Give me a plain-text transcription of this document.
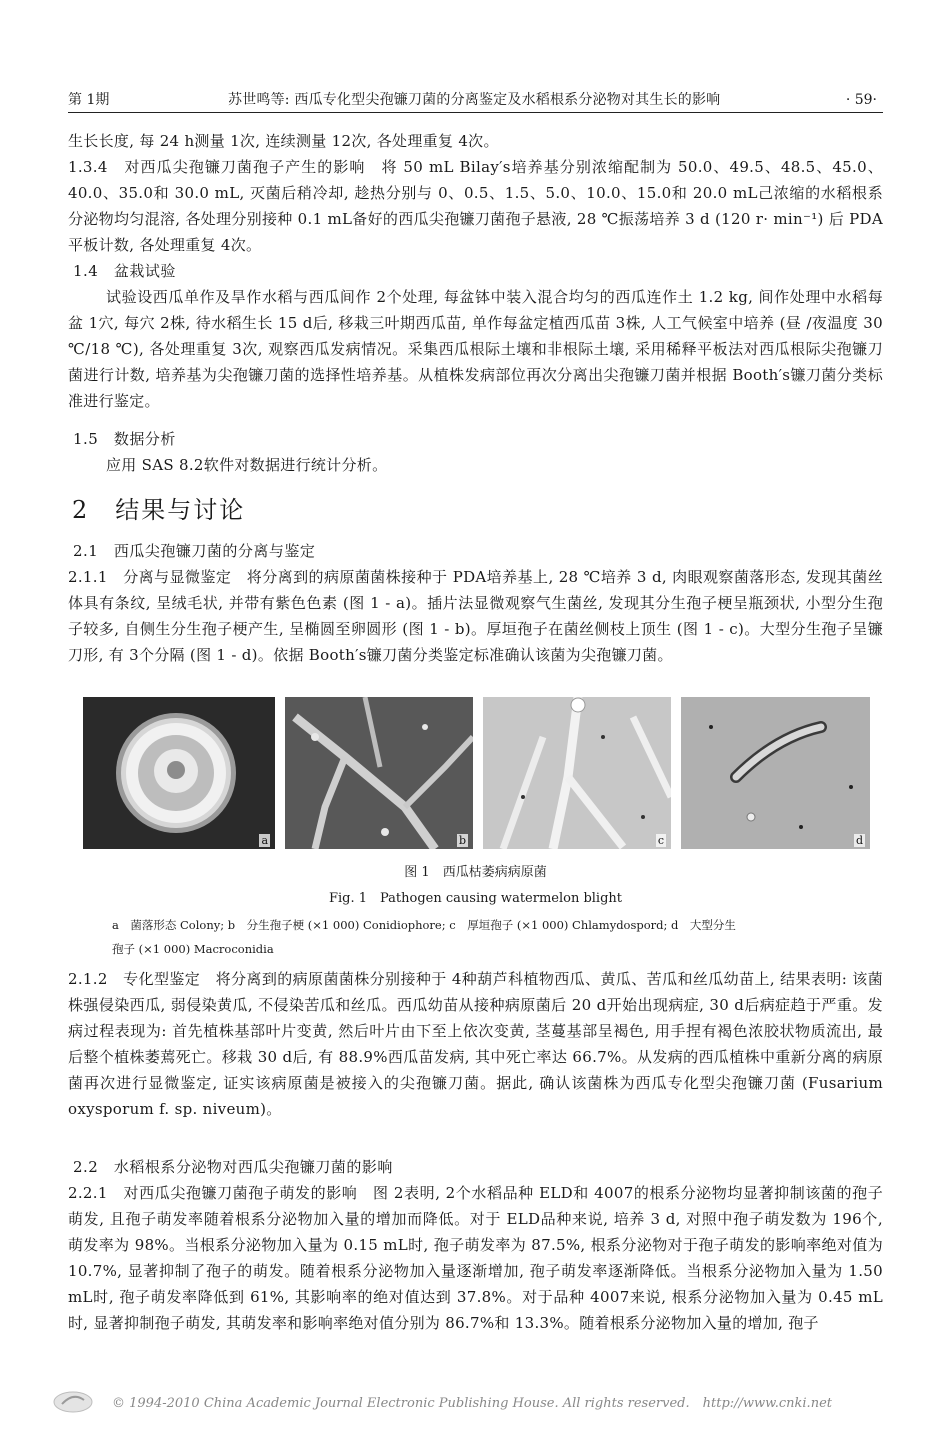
第 1期	苏世鸣等: 西瓜专化型尖孢镰刀菌的分离鉴定及水稻根系分泌物对其生长的影响	· 59·
生长长度, 每 24 h测量 1次, 连续测量 12次, 各处理重复 4次。
1.3.4　对西瓜尖孢镰刀菌孢子产生的影响　将 50 mL Bilay′s培养基分别浓缩配制为 50.0、49.5、48.5、45.0、40.0、35.0和 30.0 mL, 灭菌后稍冷却, 趁热分别与 0、0.5、1.5、5.0、10.0、15.0和 20.0 mL己浓缩的水稻根系分泌物均匀混溶, 各处理分别接种 0.1 mL备好的西瓜尖孢镰刀菌孢子悬液, 28 ℃振荡培养 3 d (120 r· min⁻¹) 后 PDA平板计数, 各处理重复 4次。
1.4　盆栽试验
试验设西瓜单作及旱作水稻与西瓜间作 2个处理, 每盆钵中装入混合均匀的西瓜连作土 1.2 kg, 间作处理中水稻每盆 1穴, 每穴 2株, 待水稻生长 15 d后, 移栽三叶期西瓜苗, 单作每盆定植西瓜苗 3株, 人工气候室中培养 (昼 /夜温度 30 ℃/18 ℃), 各处理重复 3次, 观察西瓜发病情况。采集西瓜根际土壤和非根际土壤, 采用稀释平板法对西瓜根际尖孢镰刀菌进行计数, 培养基为尖孢镰刀菌的选择性培养基。从植株发病部位再次分离出尖孢镰刀菌并根据 Booth′s镰刀菌分类标准进行鉴定。
1.5　数据分析
应用 SAS 8.2软件对数据进行统计分析。
2　结果与讨论
2.1　西瓜尖孢镰刀菌的分离与鉴定
2.1.1　分离与显微鉴定　将分离到的病原菌菌株接种于 PDA培养基上, 28 ℃培养 3 d, 肉眼观察菌落形态, 发现其菌丝体具有条纹, 呈绒毛状, 并带有紫色色素 (图 1 - a)。插片法显微观察气生菌丝, 发现其分生孢子梗呈瓶颈状, 小型分生孢子较多, 自侧生分生孢子梗产生, 呈椭圆至卵圆形 (图 1 - b)。厚垣孢子在菌丝侧枝上顶生 (图 1 - c)。大型分生孢子呈镰刀形, 有 3个分隔 (图 1 - d)。依据 Booth′s镰刀菌分类鉴定标准确认该菌为尖孢镰刀菌。
a	b	c	d
图 1　西瓜枯萎病病原菌
Fig. 1　Pathogen causing watermelon blight
a　菌落形态 Colony; b　分生孢子梗 (×1 000) Conidiophore; c　厚垣孢子 (×1 000) Chlamydospord; d　大型分生
孢子 (×1 000) Macroconidia
2.1.2　专化型鉴定　将分离到的病原菌菌株分别接种于 4种葫芦科植物西瓜、黄瓜、苦瓜和丝瓜幼苗上, 结果表明: 该菌株强侵染西瓜, 弱侵染黄瓜, 不侵染苦瓜和丝瓜。西瓜幼苗从接种病原菌后 20 d开始出现病症, 30 d后病症趋于严重。发病过程表现为: 首先植株基部叶片变黄, 然后叶片由下至上依次变黄, 茎蔓基部呈褐色, 用手捏有褐色浓胶状物质流出, 最后整个植株萎蔫死亡。移栽 30 d后, 有 88.9%西瓜苗发病, 其中死亡率达 66.7%。从发病的西瓜植株中重新分离的病原菌再次进行显微鉴定, 证实该病原菌是被接入的尖孢镰刀菌。据此, 确认该菌株为西瓜专化型尖孢镰刀菌 (Fusarium oxysporum f. sp. niveum)。
2.2　水稻根系分泌物对西瓜尖孢镰刀菌的影响
2.2.1　对西瓜尖孢镰刀菌孢子萌发的影响　图 2表明, 2个水稻品种 ELD和 4007的根系分泌物均显著抑制该菌的孢子萌发, 且孢子萌发率随着根系分泌物加入量的增加而降低。对于 ELD品种来说, 培养 3 d, 对照中孢子萌发数为 196个, 萌发率为 98%。当根系分泌物加入量为 0.15 mL时, 孢子萌发率为 87.5%, 根系分泌物对于孢子萌发的影响率绝对值为 10.7%, 显著抑制了孢子的萌发。随着根系分泌物加入量逐渐增加, 孢子萌发率逐渐降低。当根系分泌物加入量为 1.50 mL时, 孢子萌发率降低到 61%, 其影响率的绝对值达到 37.8%。对于品种 4007来说, 根系分泌物加入量为 0.45 mL时, 显著抑制孢子萌发, 其萌发率和影响率绝对值分别为 86.7%和 13.3%。随着根系分泌物加入量的增加, 孢子
© 1994-2010 China Academic Journal Electronic Publishing House. All rights reserved.　http://www.cnki.net
